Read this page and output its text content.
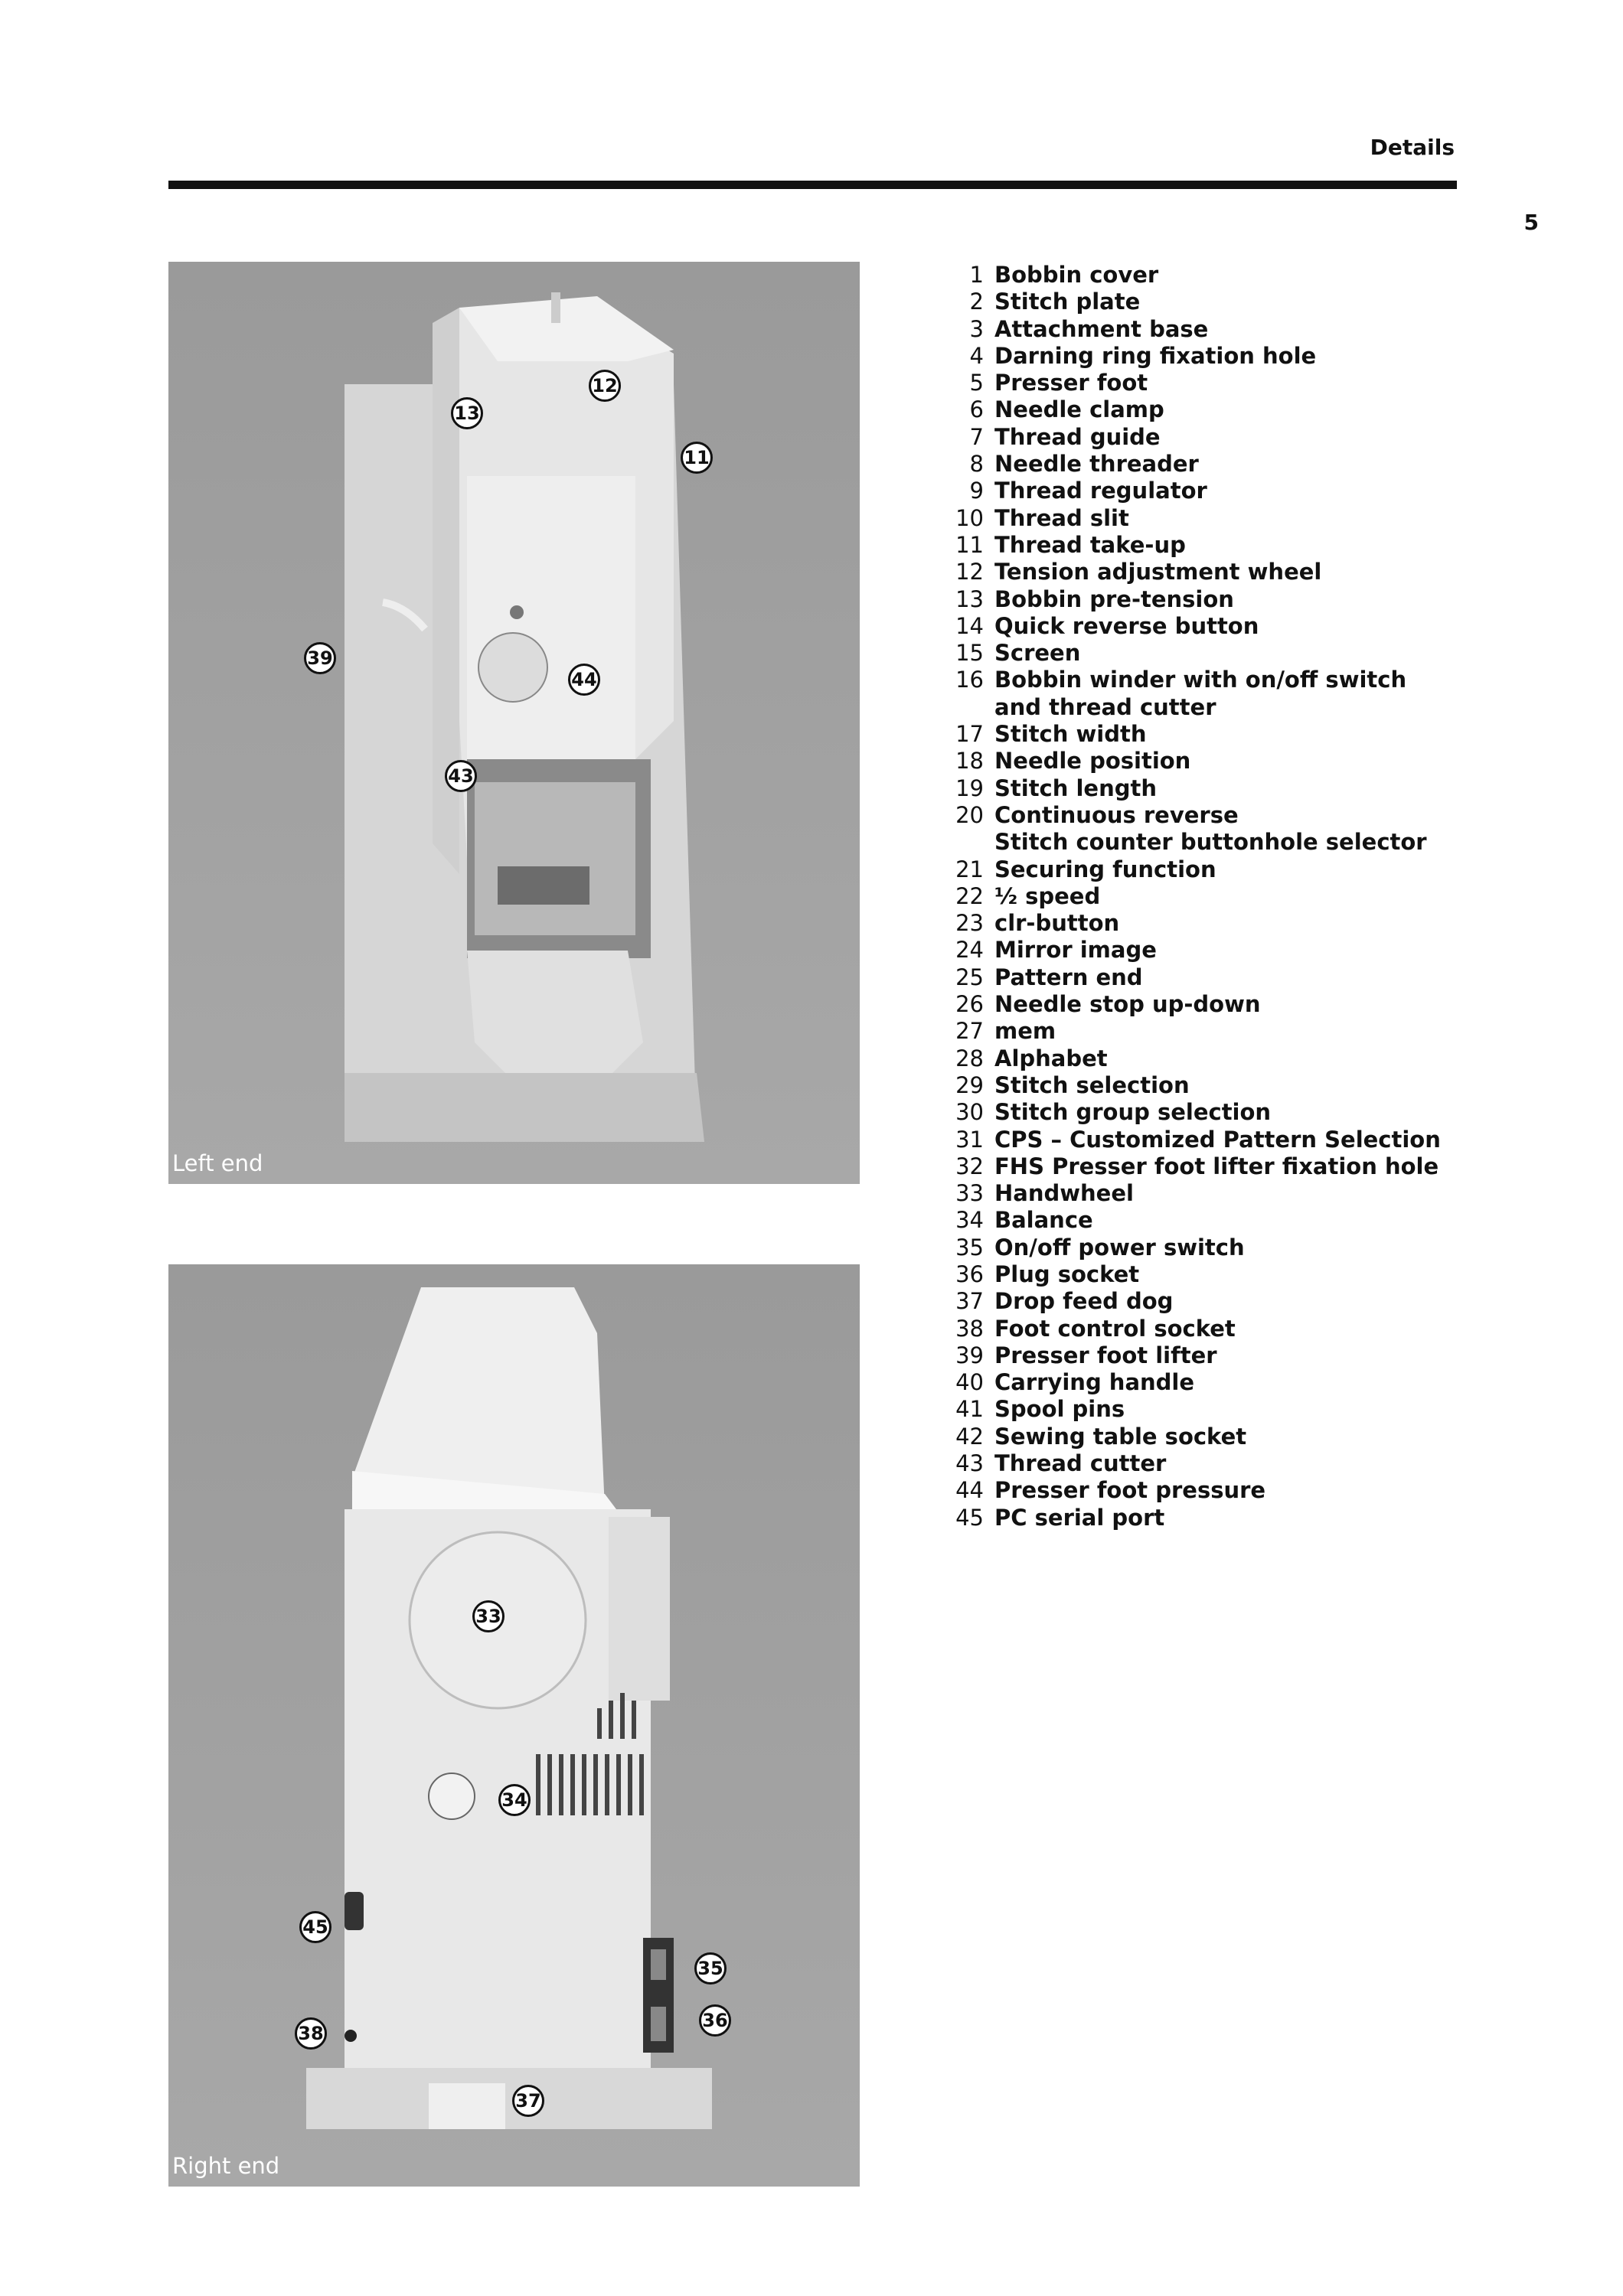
Details
5
Left end
12
13
11
39
44
43
Right end
33
34
45
35
38
36
37
1 Bobbin cover
2 Stitch plate
3 Attachment base
4 Darning ring fixation hole
5 Presser foot
6 Needle clamp
7 Thread guide
8 Needle threader
9 Thread regulator
10 Thread slit
11 Thread take-up
12 Tension adjustment wheel
13 Bobbin pre-tension
14 Quick reverse button
15 Screen
16 Bobbin winder with on/off switch
and thread cutter
17 Stitch width
18 Needle position
19 Stitch length
20 Continuous reverse
Stitch counter buttonhole selector
21 Securing function
22 ½ speed
23 clr-button
24 Mirror image
25 Pattern end
26 Needle stop up-down
27 mem
28 Alphabet
29 Stitch selection
30 Stitch group selection
31 CPS – Customized Pattern Selection
32 FHS Presser foot lifter fixation hole
33 Handwheel
34 Balance
35 On/off power switch
36 Plug socket
37 Drop feed dog
38 Foot control socket
39 Presser foot lifter
40 Carrying handle
41 Spool pins
42 Sewing table socket
43 Thread cutter
44 Presser foot pressure
45 PC serial port
